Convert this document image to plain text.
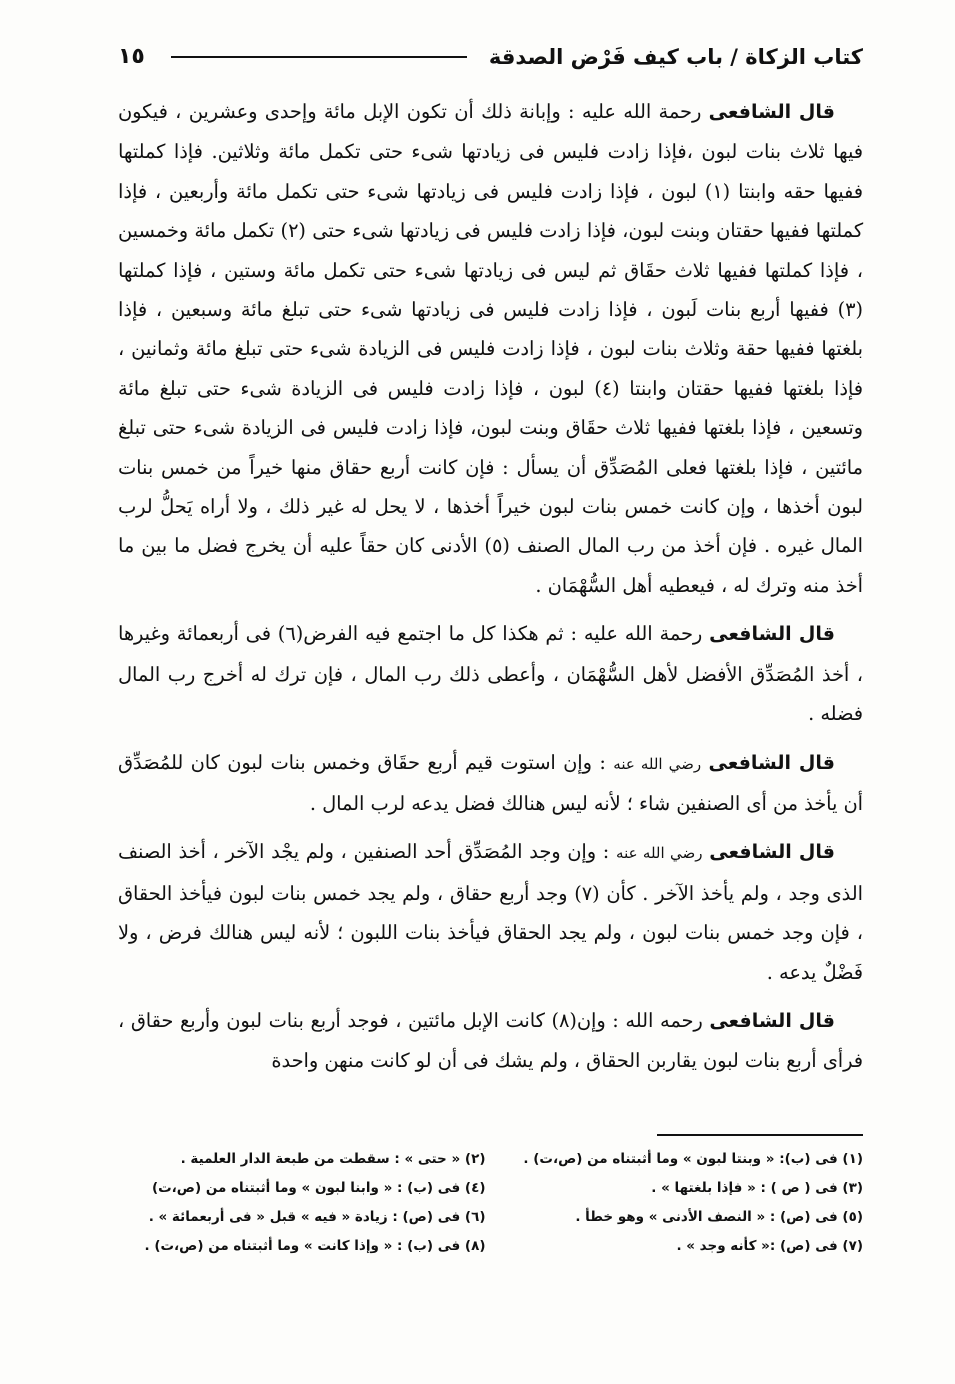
كتاب الزكاة / باب كيف فَرْض الصدقة
١٥

قال الشافعى رحمة الله عليه : وإبانة ذلك أن تكون الإبل مائة وإحدى وعشرين ، فيكون فيها ثلاث بنات لبون ،فإذا زادت فليس فى زيادتها شىء حتى تكمل مائة وثلاثين. فإذا كملتها ففيها حقه وابنتا (١) لبون ، فإذا زادت فليس فى زيادتها شىء حتى تكمل مائة وأربعين ، فإذا كملتها ففيها حقتان وبنت لبون، فإذا زادت فليس فى زيادتها شىء حتى (٢) تكمل مائة وخمسين ، فإذا كملتها ففيها ثلاث حقَاق ثم ليس فى زيادتها شىء حتى تكمل مائة وستين ، فإذا كملتها (٣) ففيها أربع بنات لَبون ، فإذا زادت فليس فى زيادتها شىء حتى تبلغ مائة وسبعين ، فإذا بلغتها ففيها حقة وثلاث بنات لبون ، فإذا زادت فليس فى الزيادة شىء حتى تبلغ مائة وثمانين ، فإذا بلغتها ففيها حقتان وابنتا (٤) لبون ، فإذا زادت فليس فى الزيادة شىء حتى تبلغ مائة وتسعين ، فإذا بلغتها ففيها ثلاث حقَاق وبنت لبون، فإذا زادت فليس فى الزيادة شىء حتى تبلغ مائتين ، فإذا بلغتها فعلى المُصَدِّق أن يسأل : فإن كانت أربع حقاق منها خيراً من خمس بنات لبون أخذها ، وإن كانت خمس بنات لبون خيراً أخذها ، لا يحل له غير ذلك ، ولا أراه يَحلُّ لرب المال غيره . فإن أخذ من رب المال الصنف (٥) الأدنى كان حقاً عليه أن يخرج فضل ما بين ما أخذ منه وترك له ، فيعطيه أهل السُّهْمَان .

قال الشافعى رحمة الله عليه : ثم هكذا كل ما اجتمع فيه الفرض(٦) فى أربعمائة وغيرها ، أخذ المُصَدِّق الأفضل لأهل السُّهْمَان ، وأعطى ذلك رب المال ، فإن ترك له أخرج رب المال فضله .

قال الشافعى رضي الله عنه : وإن استوت قيم أربع حقَاق وخمس بنات لبون كان للمُصَدِّق أن يأخذ من أى الصنفين شاء ؛ لأنه ليس هنالك فضل يدعه لرب المال .

قال الشافعى رضي الله عنه : وإن وجد المُصَدِّق أحد الصنفين ، ولم يجْد الآخر ، أخذ الصنف الذى وجد ، ولم يأخذ الآخر . كأن (٧) وجد أربع حقاق ، ولم يجد خمس بنات لبون فيأخذ الحقاق ، فإن وجد خمس بنات لبون ، ولم يجد الحقاق فيأخذ بنات اللبون ؛ لأنه ليس هنالك فرض ، ولا فَضْلٌ يدعه .

قال الشافعى رحمه الله : وإن(٨) كانت الإبل مائتين ، فوجد أربع بنات لبون وأربع حقاق ، فرأى أربع بنات لبون يقاربن الحقاق ، ولم يشك فى أن لو كانت منهن واحدة

(١) فى (ب): « وبنتا لبون » وما أثبتناه من (ص،ت) .
(٢) « حتى » : سقطت من طبعة الدار العلمية .
(٣) فى ( ص ) : « فإذا بلغتها » .
(٤) فى (ب) : « وابنا لبون » وما أثبتناه من (ص،ت)
(٥) فى (ص) : « النصف الأدنى » وهو خطأ .
(٦) فى (ص) : زيادة « فيه » قبل « فى أربعمائة » .
(٧) فى (ص) :« كأنه وجد » .
(٨) فى (ب) : « وإذا كانت » وما أثبتناه من (ص،ت) .
